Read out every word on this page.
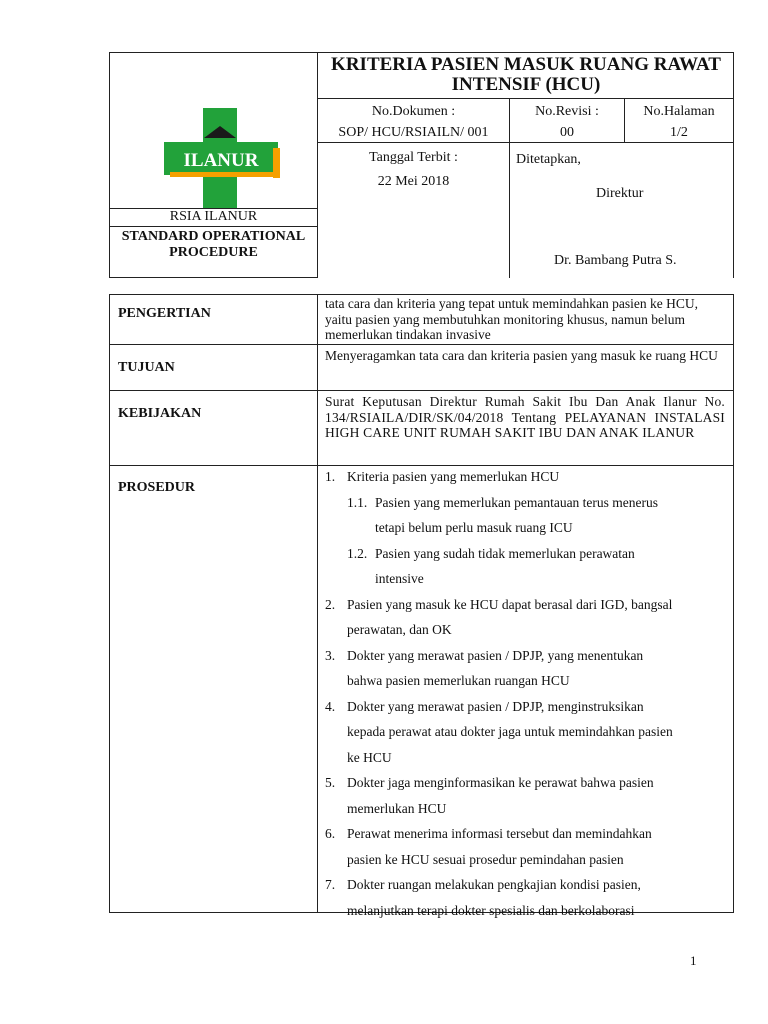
KRITERIA PASIEN MASUK RUANG RAWAT INTENSIF (HCU)
ILANUR
RSIA ILANUR
STANDARD OPERATIONAL PROCEDURE
No.Dokumen :
SOP/ HCU/RSIAILN/ 001
No.Revisi :
00
No.Halaman
1/2
Tanggal Terbit :
22 Mei 2018
Ditetapkan,
Direktur
Dr. Bambang Putra S.
PENGERTIAN
tata cara dan kriteria yang tepat untuk memindahkan pasien ke HCU, yaitu pasien yang membutuhkan monitoring khusus, namun belum memerlukan tindakan invasive
TUJUAN
Menyeragamkan tata cara dan kriteria pasien yang masuk ke ruang HCU
KEBIJAKAN
Surat Keputusan Direktur Rumah Sakit Ibu Dan Anak Ilanur No. 134/RSIAILA/DIR/SK/04/2018 Tentang PELAYANAN INSTALASI HIGH CARE UNIT RUMAH SAKIT IBU DAN ANAK ILANUR
PROSEDUR
1. Kriteria pasien yang memerlukan HCU
1.1. Pasien yang memerlukan pemantauan terus menerus
tetapi belum perlu masuk ruang ICU
1.2. Pasien yang sudah tidak memerlukan perawatan
intensive
2. Pasien yang masuk ke HCU dapat berasal dari IGD, bangsal
perawatan, dan OK
3. Dokter yang merawat pasien / DPJP, yang menentukan
bahwa pasien memerlukan ruangan HCU
4. Dokter yang merawat pasien / DPJP, menginstruksikan
kepada perawat atau dokter jaga untuk memindahkan pasien
ke HCU
5. Dokter jaga menginformasikan ke perawat bahwa pasien
memerlukan HCU
6. Perawat menerima informasi tersebut dan memindahkan
pasien ke HCU sesuai prosedur pemindahan pasien
7. Dokter ruangan melakukan pengkajian kondisi pasien,
melanjutkan terapi dokter spesialis dan berkolaborasi
1
